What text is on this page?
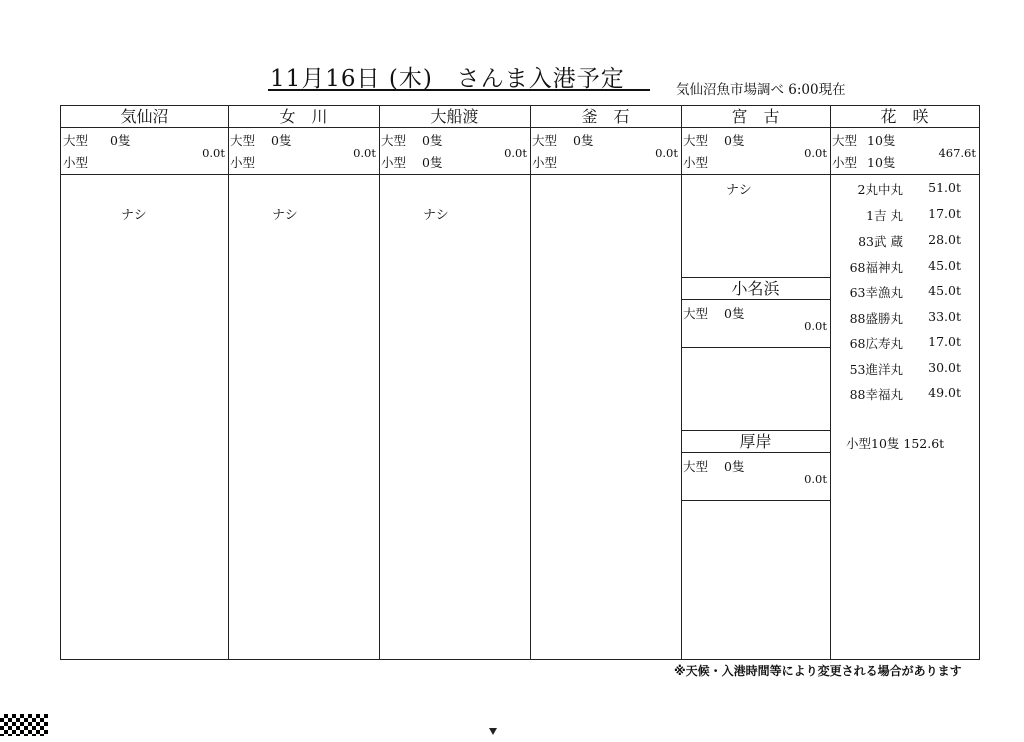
11月16日 (木)　さんま入港予定	気仙沼魚市場調べ 6:00現在
気仙沼
大型 0隻
小型
0.0t
ナシ
女　川
大型 0隻
小型
0.0t
ナシ
大船渡
大型 0隻
小型 0隻
0.0t
ナシ
釜　石
大型 0隻
小型
0.0t
宮　古
大型 0隻
小型
0.0t
ナシ
小名浜
大型 0隻
0.0t
厚岸
大型 0隻
0.0t
花　咲
大型 10隻
小型 10隻
467.6t
2丸中丸 51.0t
1吉 丸 17.0t
83武 蔵 28.0t
68福神丸 45.0t
63幸漁丸 45.0t
88盛勝丸 33.0t
68広寿丸 17.0t
53進洋丸 30.0t
88幸福丸 49.0t
小型10隻 152.6t
※天候・入港時間等により変更される場合があります
